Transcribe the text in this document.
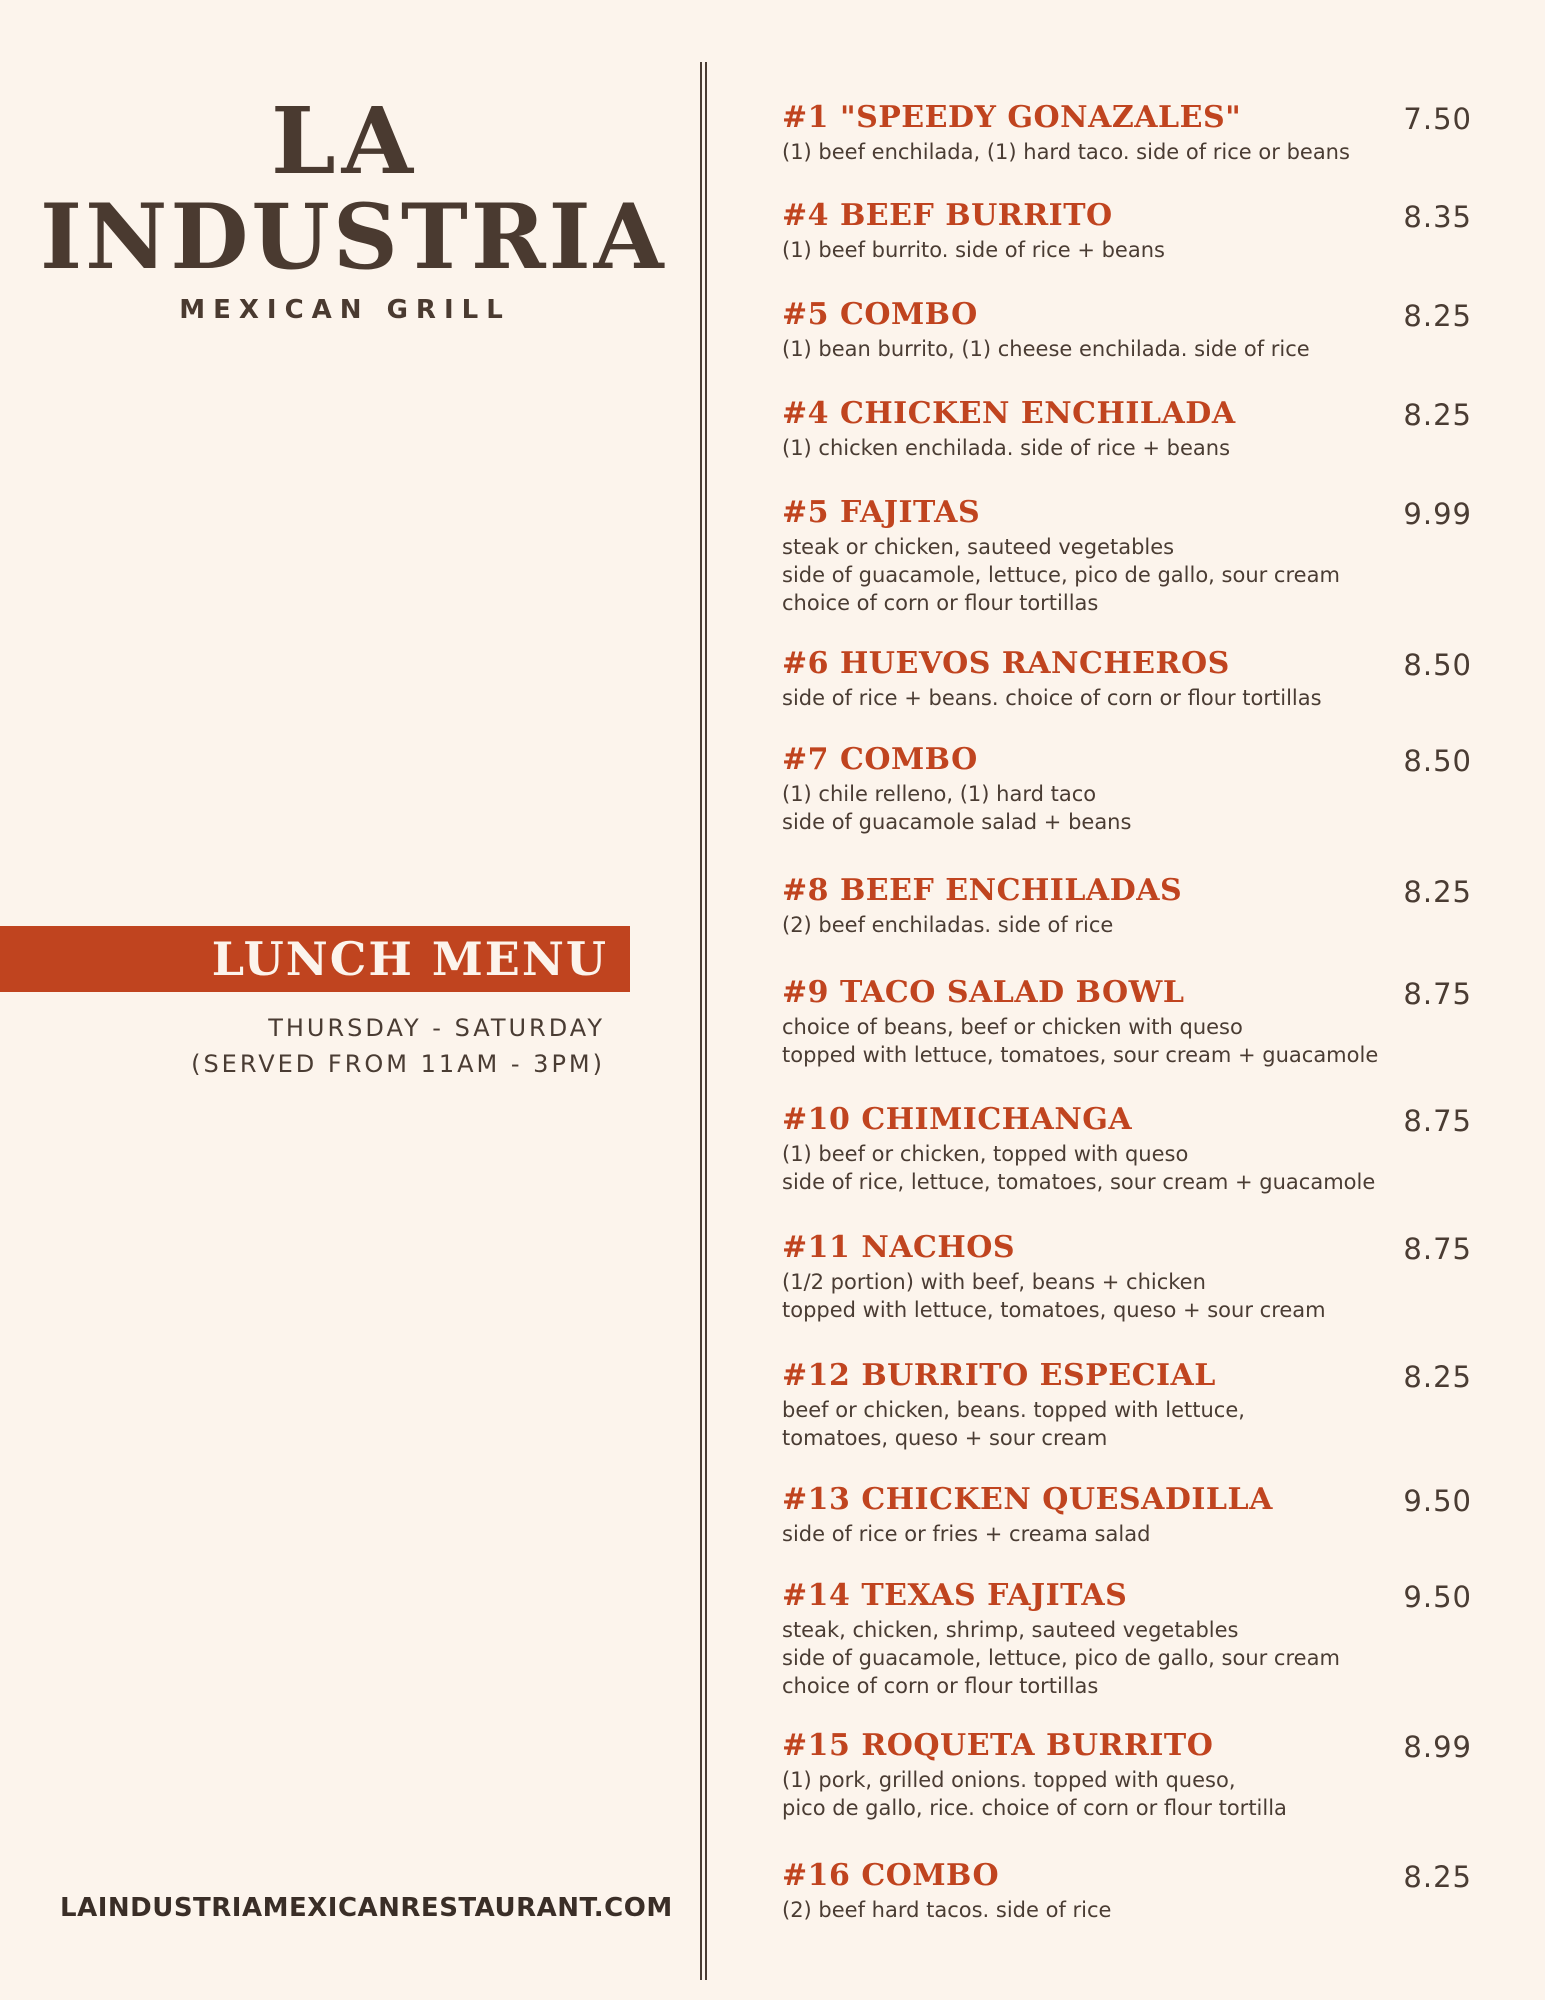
LA
INDUSTRIA
MEXICAN GRILL
LUNCH MENU
THURSDAY - SATURDAY
(SERVED FROM 11AM - 3PM)
LAINDUSTRIAMEXICANRESTAURANT.COM
#1 "SPEEDY GONAZALES"	7.50
(1) beef enchilada, (1) hard taco. side of rice or beans
#4 BEEF BURRITO	8.35
(1) beef burrito. side of rice + beans
#5 COMBO	8.25
(1) bean burrito, (1) cheese enchilada. side of rice
#4 CHICKEN ENCHILADA	8.25
(1) chicken enchilada. side of rice + beans
#5 FAJITAS	9.99
steak or chicken, sauteed vegetables
side of guacamole, lettuce, pico de gallo, sour cream
choice of corn or flour tortillas
#6 HUEVOS RANCHEROS	8.50
side of rice + beans. choice of corn or flour tortillas
#7 COMBO	8.50
(1) chile relleno, (1) hard taco
side of guacamole salad + beans
#8 BEEF ENCHILADAS	8.25
(2) beef enchiladas. side of rice
#9 TACO SALAD BOWL	8.75
choice of beans, beef or chicken with queso
topped with lettuce, tomatoes, sour cream + guacamole
#10 CHIMICHANGA	8.75
(1) beef or chicken, topped with queso
side of rice, lettuce, tomatoes, sour cream + guacamole
#11 NACHOS	8.75
(1/2 portion) with beef, beans + chicken
topped with lettuce, tomatoes, queso + sour cream
#12 BURRITO ESPECIAL	8.25
beef or chicken, beans. topped with lettuce,
tomatoes, queso + sour cream
#13 CHICKEN QUESADILLA	9.50
side of rice or fries + creama salad
#14 TEXAS FAJITAS	9.50
steak, chicken, shrimp, sauteed vegetables
side of guacamole, lettuce, pico de gallo, sour cream
choice of corn or flour tortillas
#15 ROQUETA BURRITO	8.99
(1) pork, grilled onions. topped with queso,
pico de gallo, rice. choice of corn or flour tortilla
#16 COMBO	8.25
(2) beef hard tacos. side of rice
